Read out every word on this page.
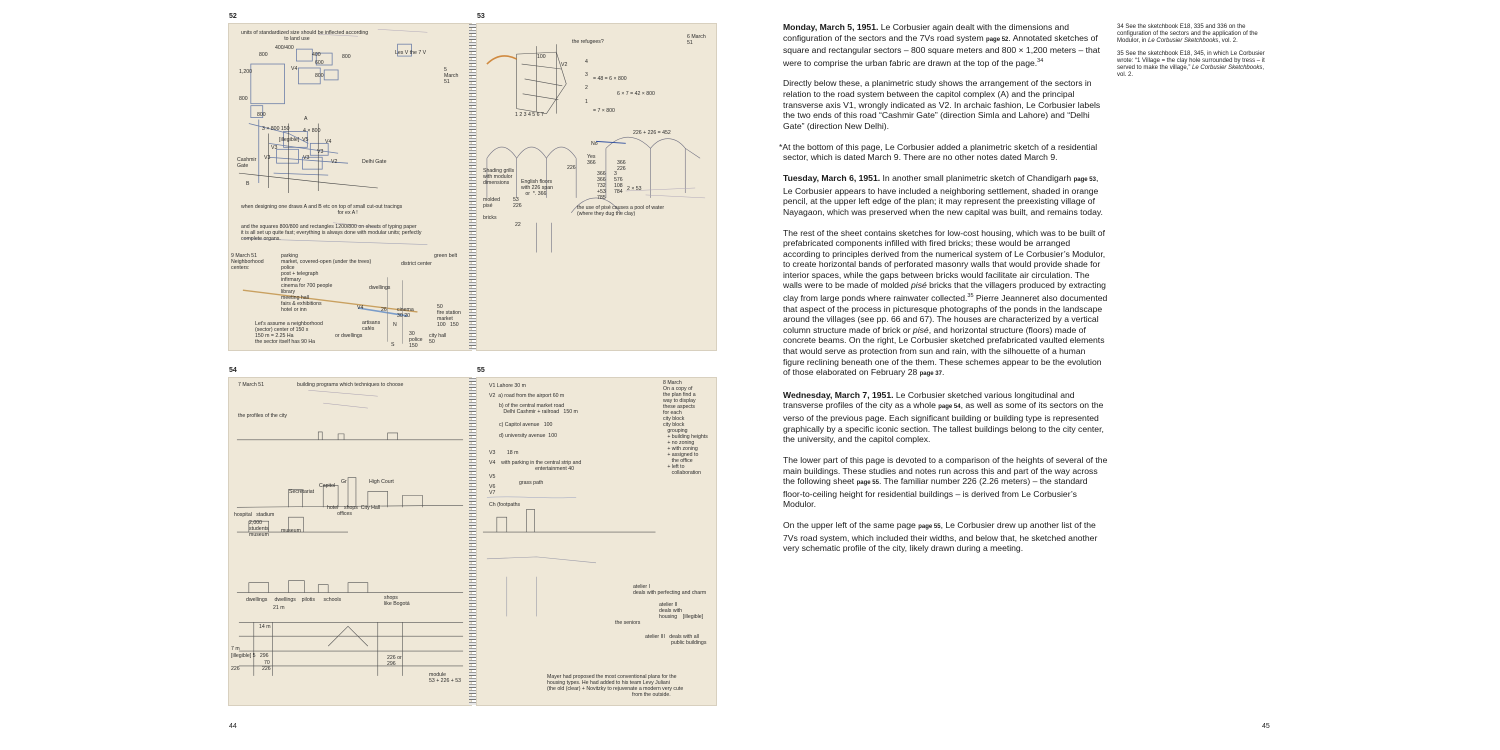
52	53
54	55
units of standardized size should be inflected according
to land use
400/400
800	400
600
800
V4
1,200
800
Les V the 7 V
5
March
51
800
800
A
3 × 800 150	4 × 800
[illegible]  V5	V4
V3
V3
Cashmir
Gate
V3	V3
V2	Delhi Gate
B
when designing one draws A and B etc on top of small cut-out tracings
for ex A !
and the squares 800/800 and rectangles 1200/800 on sheets of typing paper
it is all set up quite fast; everything is always done with modular units; perfectly
complete organs.
9 March 51
Neighborhood
centers:
parking
market, covered-open (under the trees)
police
post + telegraph
infirmary
cinema for 700 people
library
meeting hall
fairs & exhibitions
hotel or inn
green belt
district center
dwellings
V4	26 cinema
30 20
50
fire station
market
100   150
Let's assume a neighborhood
(sector) center of 150 x
150 m = 2.25 Ha
the sector itself has 90 Ha
artisans
cafés
N
or dwellings
S
30
police
150
city hall
50
the refugees?
6 March
51
100
V2	4
3
2
1
= 48 = 6 × 800
6 × 7 = 42 × 800
= 7 × 800
1 2 3 4 5 6 7
226 + 226 = 452
No
Yes
366	366
226
226
366
366
732
+53
785
3
576
108
784 2 × 53
Shading grills
with modulor
dimensions	English floors
with 226 span
or  *. 366
molded
pisé
53
226	the use of pisé causes a pool of water
(where they dug the clay)
bricks
22
7 March 51	building programs which techniques to choose
the profiles of the city
Capitol
Gr	High Court
Secretariat
hotel    shops  City Hall
offices
hospital   stadium
2,000
students
museum
museum
dwellings     dwellings    pilotis      schools	shops
like Bogotá
21 m
14 m
7 m
[illegible] 5   296
70
226	226
226 or
296
module
53 + 226 + 53
V1 Lahore 30 m
V2  a) road from the airport 60 m
b) of the central market road
Delhi Cashmir + railroad   150 m
c) Capitol avenue   100
d) university avenue  100
V3        18 m
V4    with parking in the central strip and
entertainment 40
V5
V6
V7
grass path
Ch (footpaths
8 March
On a copy of
the plan find a
way to display
these aspects
for each
city block
city block
grouping
+ building heights
+ no zoning
+ with zoning
+ assigned to
the office
+ left to
collaboration
atelier I
deals with perfecting and charm
atelier II
deals with
housing    [illegible]
the seniors
atelier III   deals with all
public buildings
Mayer had proposed the most conventional plans for the
housing types. He had added to his team Levy Juliani
(the old (clear) + Novitzky to rejuvenate a modern very cute
from the outside.
44	45

Monday, March 5, 1951. Le Corbusier again dealt with the dimensions and configuration of the sectors and the 7Vs road system page 52. Annotated sketches of square and rectangular sectors – 800 square meters and 800 × 1,200 meters – that were to comprise the urban fabric are drawn at the top of the page.$^{34}$

Directly below these, a planimetric study shows the arrangement of the sectors in relation to the road system between the capitol complex (A) and the principal transverse axis V1, wrongly indicated as V2. In archaic fashion, Le Corbusier labels the two ends of this road “Cashmir Gate” (direction Simla and Lahore) and “Delhi Gate” (direction New Delhi).

*At the bottom of this page, Le Corbusier added a planimetric sketch of a residential sector, which is dated March 9. There are no other notes dated March 9.

Tuesday, March 6, 1951. In another small planimetric sketch of Chandigarh page 53, Le Corbusier appears to have included a neighboring settlement, shaded in orange pencil, at the upper left edge of the plan; it may represent the preexisting village of Nayagaon, which was preserved when the new capital was built, and remains today.

The rest of the sheet contains sketches for low-cost housing, which was to be built of prefabricated components infilled with fired bricks; these would be arranged according to principles derived from the numerical system of Le Corbusier’s Modulor, to create horizontal bands of perforated masonry walls that would provide shade for interior spaces, while the gaps between bricks would facilitate air circulation. The walls were to be made of molded pisé bricks that the villagers produced by extracting clay from large ponds where rainwater collected.$^{35}$ Pierre Jeanneret also documented that aspect of the process in picturesque photographs of the ponds in the landscape around the villages (see pp. 66 and 67). The houses are characterized by a vertical column structure made of brick or pisé, and horizontal structure (floors) made of concrete beams. On the right, Le Corbusier sketched prefabricated vaulted elements that would serve as protection from sun and rain, with the silhouette of a human figure reclining beneath one of the them. These schemes appear to be the evolution of those elaborated on February 28 page 37.

Wednesday, March 7, 1951. Le Corbusier sketched various longitudinal and transverse profiles of the city as a whole page 54, as well as some of its sectors on the verso of the previous page. Each significant building or building type is represented graphically by a specific iconic section. The tallest buildings belong to the city center, the university, and the capitol complex.

The lower part of this page is devoted to a comparison of the heights of several of the main buildings. These studies and notes run across this and part of the way across the following sheet page 55. The familiar number 226 (2.26 meters) – the standard floor-to-ceiling height for residential buildings – is derived from Le Corbusier’s Modulor.

On the upper left of the same page page 55, Le Corbusier drew up another list of the 7Vs road system, which included their widths, and below that, he sketched another very schematic profile of the city, likely drawn during a meeting.

34 See the sketchbook E18, 335 and 336 on the configuration of the sectors and the application of the Modulor, in Le Corbusier Sketchbooks, vol. 2.

35 See the sketchbook E18, 345, in which Le Corbusier wrote: “1 Village = the clay hole surrounded by tress – it served to make the village,” Le Corbusier Sketchbooks, vol. 2.
